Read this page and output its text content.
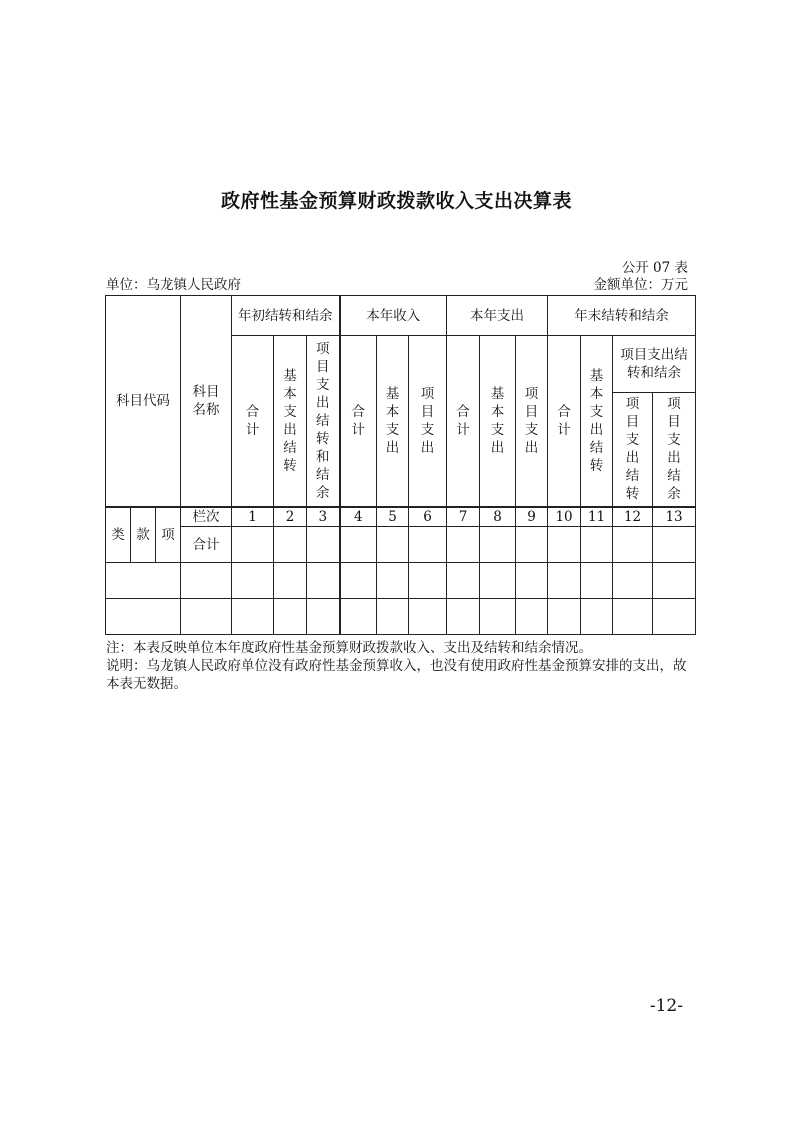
政府性基金预算财政拨款收入支出决算表
公开 07 表
单位：乌龙镇人民政府	金额单位：万元
科目代码			科目名称	年初结转和结余			本年收入			本年支出			年末结转和结余			
				合计	基本支出结转	项目支出结转和结余	合计	基本支出	项目支出	合计	基本支出	项目支出	合计	基本支出结转	项目支出结转和结余	
															项目支出结转	项目支出结余
类	款	项	栏次	1	2	3	4	5	6	7	8	9	10	11	12	13
			合计													

注：本表反映单位本年度政府性基金预算财政拨款收入、支出及结转和结余情况。

说明：乌龙镇人民政府单位没有政府性基金预算收入，也没有使用政府性基金预算安排的支出，故本表无数据。

-12-
